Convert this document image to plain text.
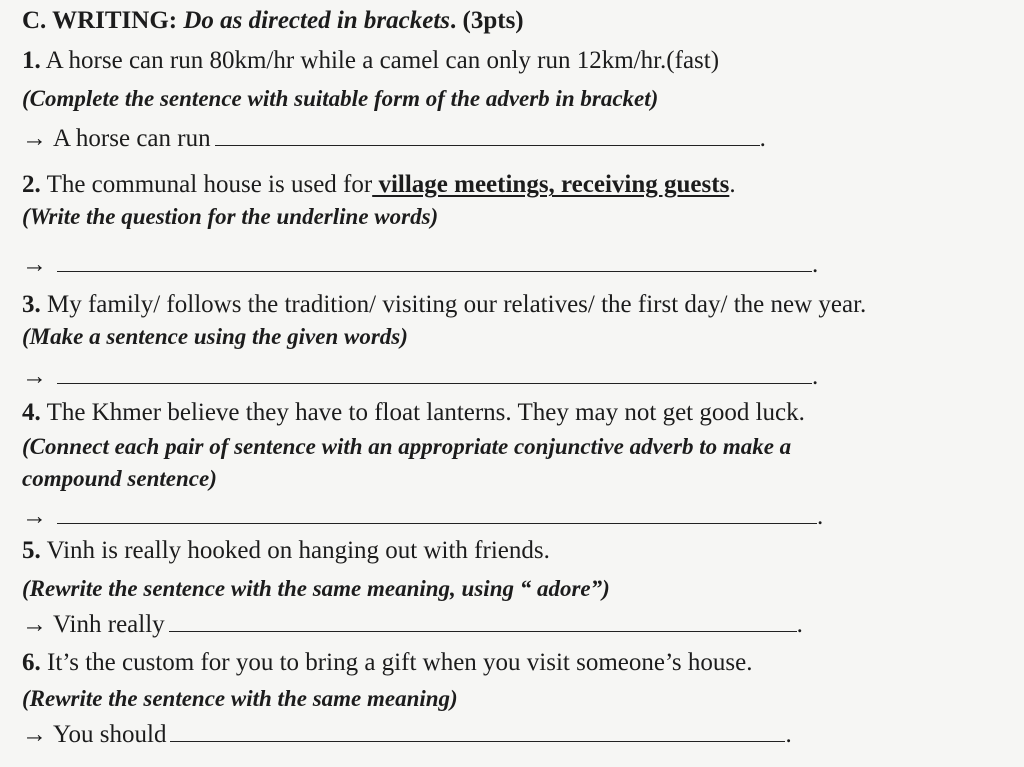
C. WRITING: Do as directed in brackets. (3pts)
1. A horse can run 80km/hr while a camel can only run 12km/hr.(fast)
(Complete the sentence with suitable form of the adverb in bracket)
→ A horse can run	.
2. The communal house is used for village meetings, receiving guests.
(Write the question for the underline words)
→	.
3. My family/ follows the tradition/ visiting our relatives/ the first day/ the new year.
(Make a sentence using the given words)
→	.
4. The Khmer believe they have to float lanterns. They may not get good luck.
(Connect each pair of sentence with an appropriate conjunctive adverb to make a
compound sentence)
→	.
5. Vinh is really hooked on hanging out with friends.
(Rewrite the sentence with the same meaning, using “ adore”)
→ Vinh really	.
6. It’s the custom for you to bring a gift when you visit someone’s house.
(Rewrite the sentence with the same meaning)
→ You should	.
